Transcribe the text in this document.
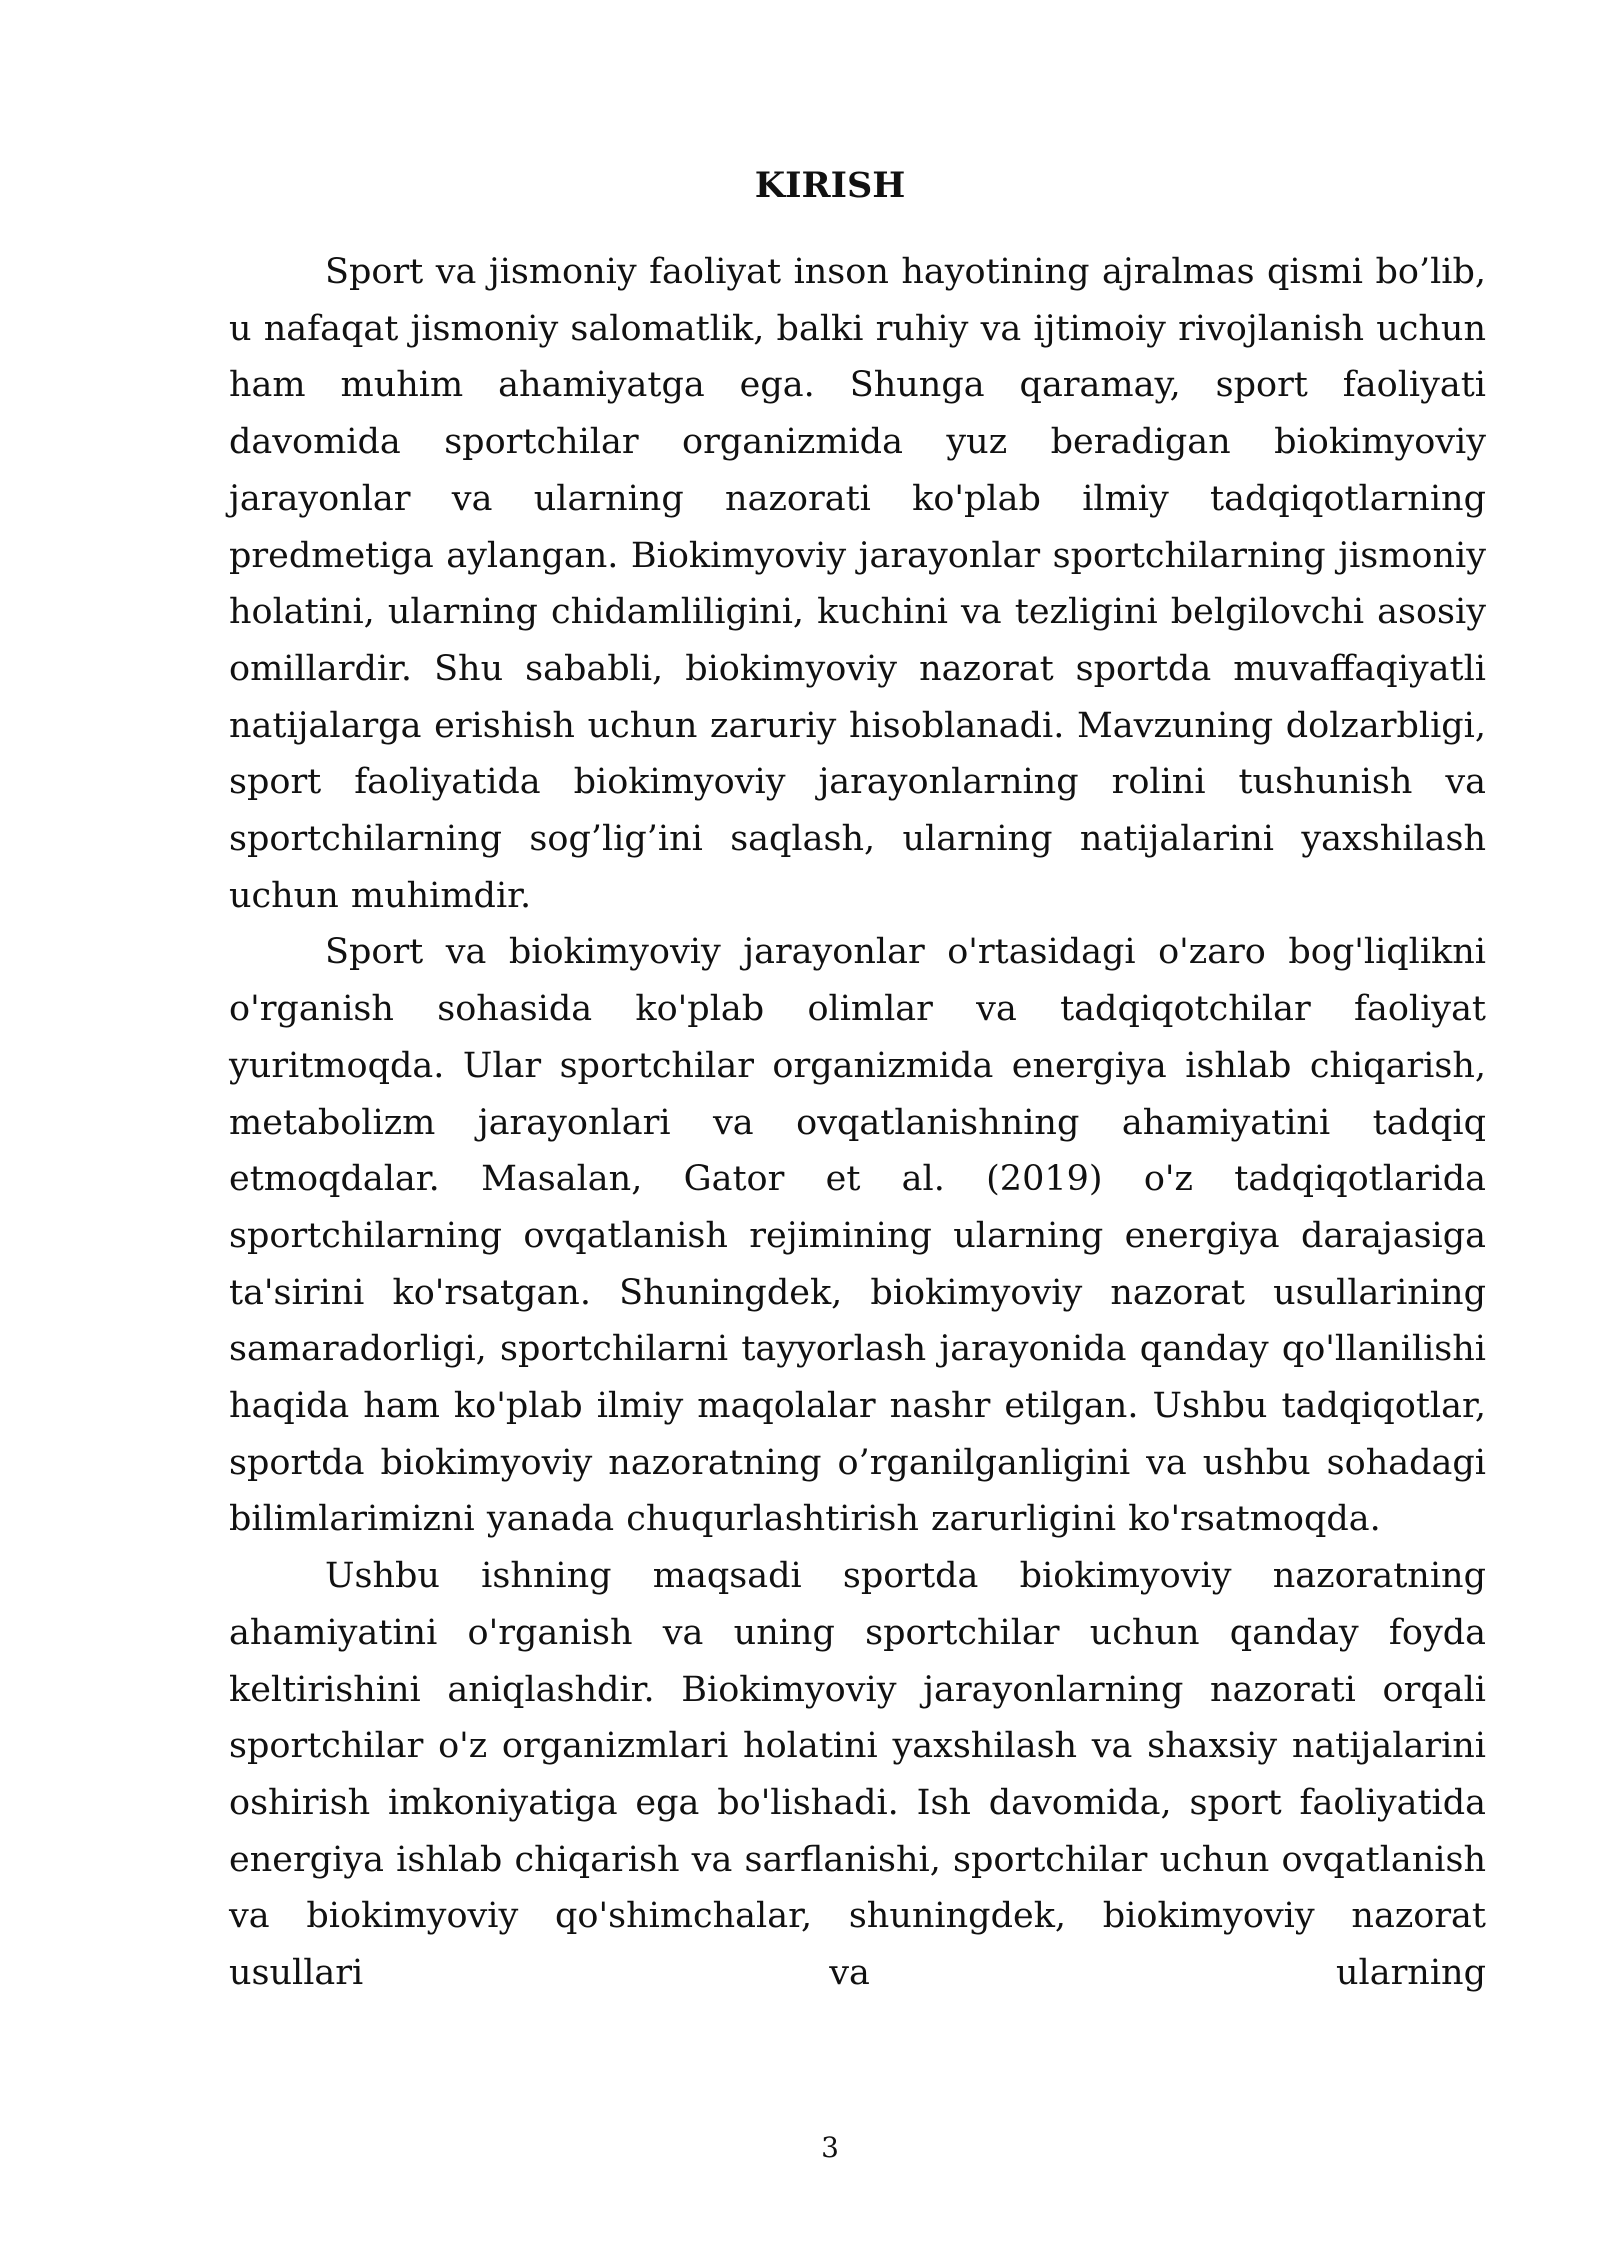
KIRISH

Sport va jismoniy faoliyat inson hayotining ajralmas qismi bo’lib, u nafaqat jismoniy salomatlik, balki ruhiy va ijtimoiy rivojlanish uchun ham muhim ahamiyatga ega. Shunga qaramay, sport faoliyati davomida sportchilar organizmida yuz beradigan biokimyoviy jarayonlar va ularning nazorati ko'plab ilmiy tadqiqotlarning predmetiga aylangan. Biokimyoviy jarayonlar sportchilarning jismoniy holatini, ularning chidamliligini, kuchini va tezligini belgilovchi asosiy omillardir. Shu sababli, biokimyoviy nazorat sportda muvaffaqiyatli natijalarga erishish uchun zaruriy hisoblanadi. Mavzuning dolzarbligi, sport faoliyatida biokimyoviy jarayonlarning rolini tushunish va sportchilarning sog’lig’ini saqlash, ularning natijalarini yaxshilash uchun muhimdir.

Sport va biokimyoviy jarayonlar o'rtasidagi o'zaro bog'liqlikni o'rganish sohasida ko'plab olimlar va tadqiqotchilar faoliyat yuritmoqda. Ular sportchilar organizmida energiya ishlab chiqarish, metabolizm jarayonlari va ovqatlanishning ahamiyatini tadqiq etmoqdalar. Masalan, Gator et al. (2019) o'z tadqiqotlarida sportchilarning ovqatlanish rejimining ularning energiya darajasiga ta'sirini ko'rsatgan. Shuningdek, biokimyoviy nazorat usullarining samaradorligi, sportchilarni tayyorlash jarayonida qanday qo'llanilishi haqida ham ko'plab ilmiy maqolalar nashr etilgan. Ushbu tadqiqotlar, sportda biokimyoviy nazoratning o’rganilganligini va ushbu sohadagi bilimlarimizni yanada chuqurlashtirish zarurligini ko'rsatmoqda.

Ushbu ishning maqsadi sportda biokimyoviy nazoratning ahamiyatini o'rganish va uning sportchilar uchun qanday foyda keltirishini aniqlashdir. Biokimyoviy jarayonlarning nazorati orqali sportchilar o'z organizmlari holatini yaxshilash va shaxsiy natijalarini oshirish imkoniyatiga ega bo'lishadi. Ish davomida, sport faoliyatida energiya ishlab chiqarish va sarflanishi, sportchilar uchun ovqatlanish va biokimyoviy qo'shimchalar, shuningdek, biokimyoviy nazorat usullari va ularning

3
